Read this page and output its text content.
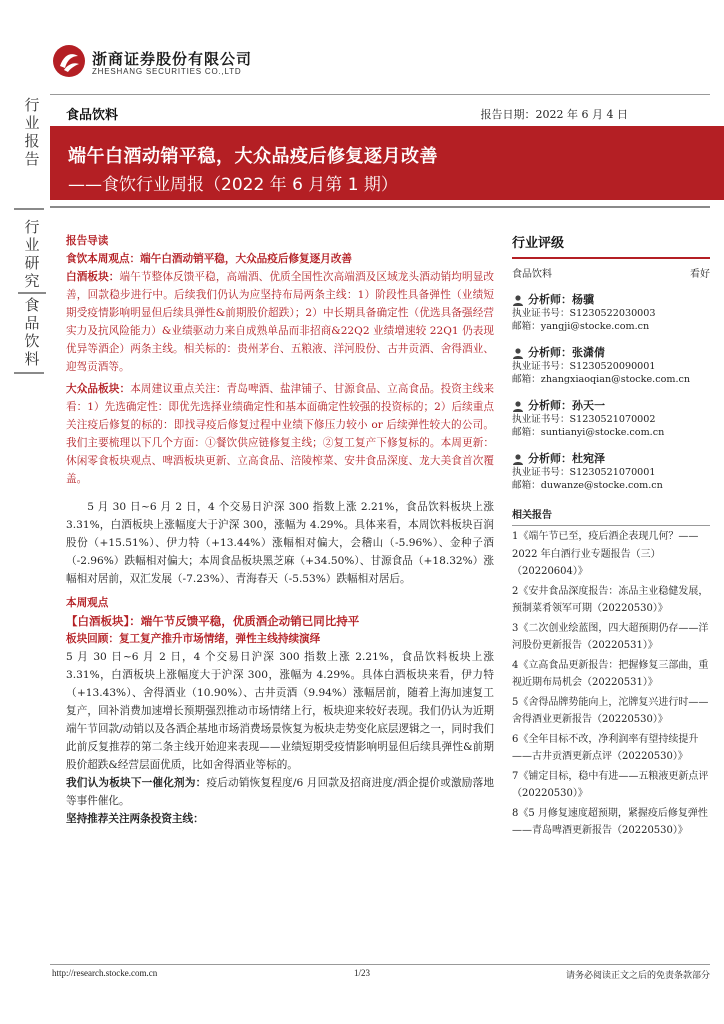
浙商证券股份有限公司
ZHESHANG SECURITIES CO.,LTD
行
业
报
告
行
业
研
究
食
品
饮
料
食品饮料	报告日期：2022 年 6 月 4 日
端午白酒动销平稳，大众品疫后修复逐月改善
——食饮行业周报（2022 年 6 月第 1 期）
报告导读
食饮本周观点：端午白酒动销平稳，大众品疫后修复逐月改善
白酒板块：端午节整体反馈平稳，高端酒、优质全国性次高端酒及区域龙头酒动销均明显改善，回款稳步进行中。后续我们仍认为应坚持布局两条主线：1）阶段性具备弹性（业绩短期受疫情影响明显但后续具弹性&前期股价超跌）；2）中长期具备确定性（优选具备强经营实力及抗风险能力）&业绩驱动力来自成熟单品而非招商&22Q2 业绩增速较 22Q1 仍表现优异等酒企）两条主线。相关标的：贵州茅台、五粮液、洋河股份、古井贡酒、舍得酒业、迎驾贡酒等。
大众品板块：本周建议重点关注：青岛啤酒、盐津铺子、甘源食品、立高食品。投资主线来看：1）先选确定性：即优先选择业绩确定性和基本面确定性较强的投资标的；2）后续重点关注疫后修复的标的：即找寻疫后修复过程中业绩下修压力较小 or 后续弹性较大的公司。我们主要梳理以下几个方面：①餐饮供应链修复主线；②复工复产下修复标的。本周更新：休闲零食板块观点、啤酒板块更新、立高食品、涪陵榨菜、安井食品深度、龙大美食首次覆盖。
5 月 30 日~6 月 2 日，4 个交易日沪深 300 指数上涨 2.21%，食品饮料板块上涨 3.31%，白酒板块上涨幅度大于沪深 300，涨幅为 4.29%。具体来看，本周饮料板块百润股份（+15.51%）、伊力特（+13.44%）涨幅相对偏大，会稽山（-5.96%）、金种子酒（-2.96%）跌幅相对偏大；本周食品板块黑芝麻（+34.50%）、甘源食品（+18.32%）涨幅相对居前，双汇发展（-7.23%）、青海春天（-5.53%）跌幅相对居后。
本周观点
【白酒板块】：端午节反馈平稳，优质酒企动销已同比持平
板块回顾：复工复产推升市场情绪，弹性主线持续演绎
5 月 30 日~6 月 2 日，4 个交易日沪深 300 指数上涨 2.21%，食品饮料板块上涨 3.31%，白酒板块上涨幅度大于沪深 300，涨幅为 4.29%。具体白酒板块来看，伊力特（+13.43%）、舍得酒业（10.90%）、古井贡酒（9.94%）涨幅居前，随着上海加速复工复产，回补消费加速增长预期强烈推动市场情绪上行，板块迎来较好表现。我们仍认为近期端午节回款/动销以及各酒企基地市场消费场景恢复为板块走势变化底层逻辑之一，同时我们此前反复推荐的第二条主线开始迎来表现——业绩短期受疫情影响明显但后续具弹性&前期股价超跌&经营层面优质，比如舍得酒业等标的。
我们认为板块下一催化剂为：疫后动销恢复程度/6 月回款及招商进度/酒企提价或激励落地等事件催化。
坚持推荐关注两条投资主线：
行业评级
食品饮料	看好
分析师： 杨骥
执业证书号：S1230522030003
邮箱：yangji@stocke.com.cn
分析师： 张潇倩
执业证书号：S1230520090001
邮箱：zhangxiaoqian@stocke.com.cn
分析师： 孙天一
执业证书号：S1230521070002
邮箱：suntianyi@stocke.com.cn
分析师： 杜宛泽
执业证书号：S1230521070001
邮箱：duwanze@stocke.com.cn
相关报告
1《端午节已至，疫后酒企表现几何？——2022 年白酒行业专题报告（三）（20220604）》
2《安井食品深度报告：冻品主业稳健发展，预制菜肴领军可期（20220530）》
3《二次创业绘蓝图，四大超预期仍存——洋河股份更新报告（20220531）》
4《立高食品更新报告：把握修复三部曲，重视近期布局机会（20220531）》
5《舍得品牌势能向上，沱牌复兴进行时——舍得酒业更新报告（20220530）》
6《全年目标不改，净利润率有望持续提升——古井贡酒更新点评（20220530）》
7《铺定目标，稳中有进——五粮液更新点评（20220530）》
8《5 月修复速度超预期，紧握疫后修复弹性——青岛啤酒更新报告（20220530）》
http://research.stocke.com.cn	1/23	请务必阅读正文之后的免责条款部分
